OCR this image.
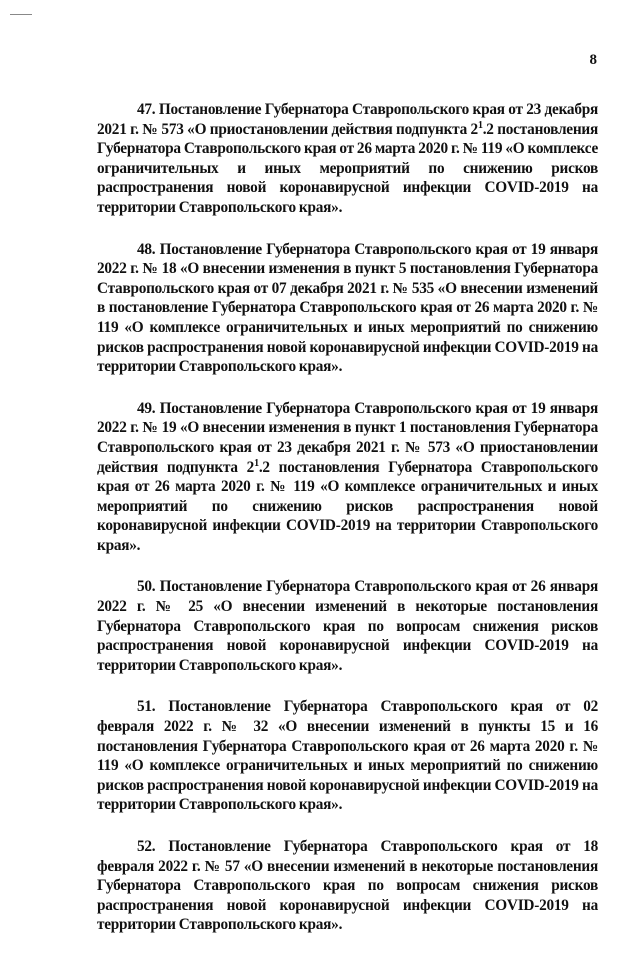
8

47. Постановление Губернатора Ставропольского края от 23 декабря 2021 г. № 573 «О приостановлении действия подпункта $2^1.2$ постановления Губернатора Ставропольского края от 26 марта 2020 г. № 119 «О комплексе ограничительных и иных мероприятий по снижению рисков распространения новой коронавирусной инфекции COVID-2019 на территории Ставропольского края».

48. Постановление Губернатора Ставропольского края от 19 января 2022 г. № 18 «О внесении изменения в пункт 5 постановления Губернатора Ставропольского края от 07 декабря 2021 г. № 535 «О внесении изменений в постановление Губернатора Ставропольского края от 26 марта 2020 г. № 119 «О комплексе ограничительных и иных мероприятий по снижению рисков распространения новой коронавирусной инфекции COVID-2019 на территории Ставропольского края».

49. Постановление Губернатора Ставропольского края от 19 января 2022 г. № 19 «О внесении изменения в пункт 1 постановления Губернатора Ставропольского края от 23 декабря 2021 г. № 573 «О приостановлении действия подпункта $2^1.2$ постановления Губернатора Ставропольского края от 26 марта 2020 г. № 119 «О комплексе ограничительных и иных мероприятий по снижению рисков распространения новой коронавирусной инфекции COVID-2019 на территории Ставропольского края».

50. Постановление Губернатора Ставропольского края от 26 января 2022 г. № 25 «О внесении изменений в некоторые постановления Губернатора Ставропольского края по вопросам снижения рисков распространения новой коронавирусной инфекции COVID-2019 на территории Ставропольского края».

51. Постановление Губернатора Ставропольского края от 02 февраля 2022 г. № 32 «О внесении изменений в пункты 15 и 16 постановления Губернатора Ставропольского края от 26 марта 2020 г. № 119 «О комплексе ограничительных и иных мероприятий по снижению рисков распространения новой коронавирусной инфекции COVID-2019 на территории Ставропольского края».

52. Постановление Губернатора Ставропольского края от 18 февраля 2022 г. № 57 «О внесении изменений в некоторые постановления Губернатора Ставропольского края по вопросам снижения рисков распространения новой коронавирусной инфекции COVID-2019 на территории Ставропольского края».
